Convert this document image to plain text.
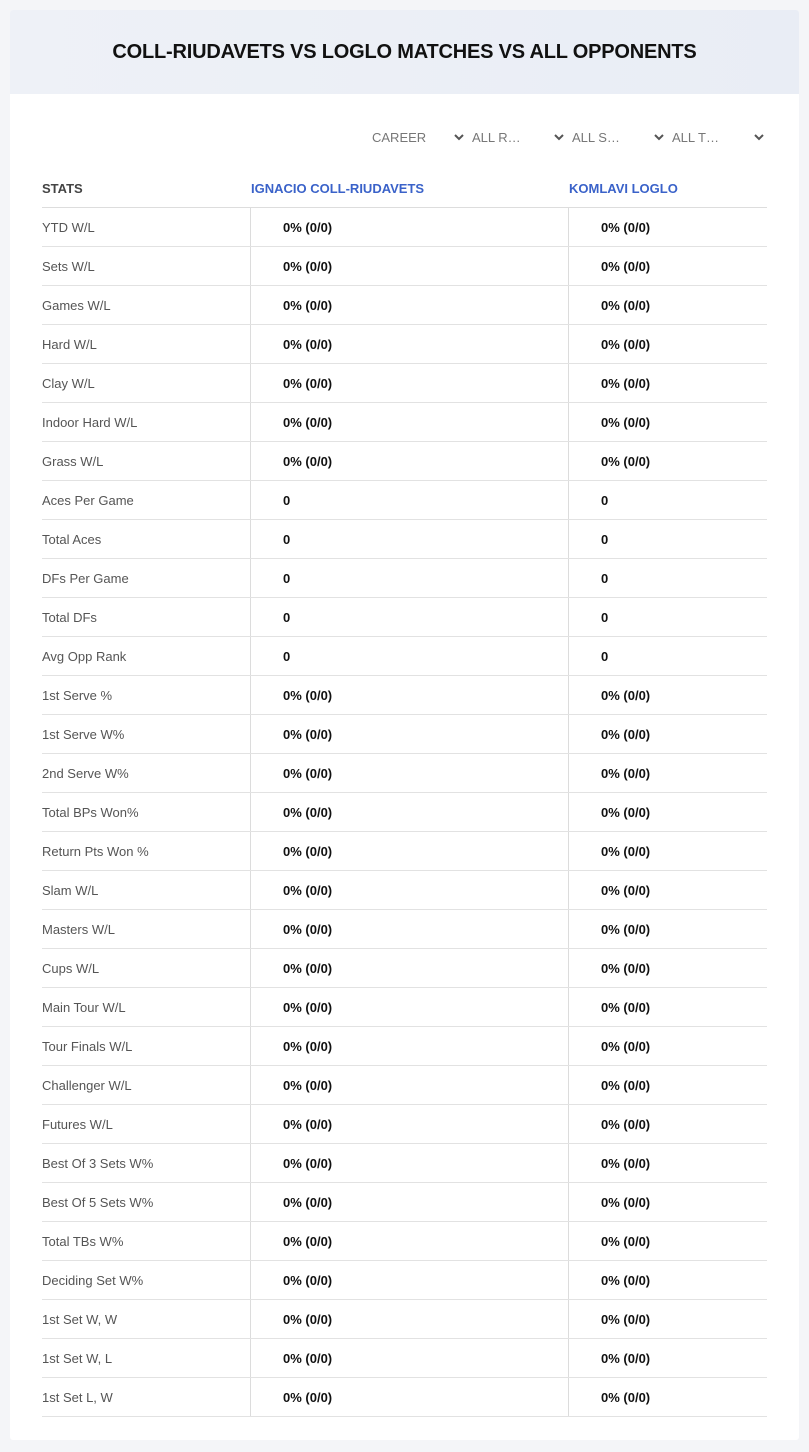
COLL-RIUDAVETS VS LOGLO MATCHES VS ALL OPPONENTS
CAREER	ALL R…	ALL S…	ALL T…
STATS	IGNACIO COLL-RIUDAVETS	KOMLAVI LOGLO
YTD W/L	0% (0/0)	0% (0/0)
Sets W/L	0% (0/0)	0% (0/0)
Games W/L	0% (0/0)	0% (0/0)
Hard W/L	0% (0/0)	0% (0/0)
Clay W/L	0% (0/0)	0% (0/0)
Indoor Hard W/L	0% (0/0)	0% (0/0)
Grass W/L	0% (0/0)	0% (0/0)
Aces Per Game	0	0
Total Aces	0	0
DFs Per Game	0	0
Total DFs	0	0
Avg Opp Rank	0	0
1st Serve %	0% (0/0)	0% (0/0)
1st Serve W%	0% (0/0)	0% (0/0)
2nd Serve W%	0% (0/0)	0% (0/0)
Total BPs Won%	0% (0/0)	0% (0/0)
Return Pts Won %	0% (0/0)	0% (0/0)
Slam W/L	0% (0/0)	0% (0/0)
Masters W/L	0% (0/0)	0% (0/0)
Cups W/L	0% (0/0)	0% (0/0)
Main Tour W/L	0% (0/0)	0% (0/0)
Tour Finals W/L	0% (0/0)	0% (0/0)
Challenger W/L	0% (0/0)	0% (0/0)
Futures W/L	0% (0/0)	0% (0/0)
Best Of 3 Sets W%	0% (0/0)	0% (0/0)
Best Of 5 Sets W%	0% (0/0)	0% (0/0)
Total TBs W%	0% (0/0)	0% (0/0)
Deciding Set W%	0% (0/0)	0% (0/0)
1st Set W, W	0% (0/0)	0% (0/0)
1st Set W, L	0% (0/0)	0% (0/0)
1st Set L, W	0% (0/0)	0% (0/0)
